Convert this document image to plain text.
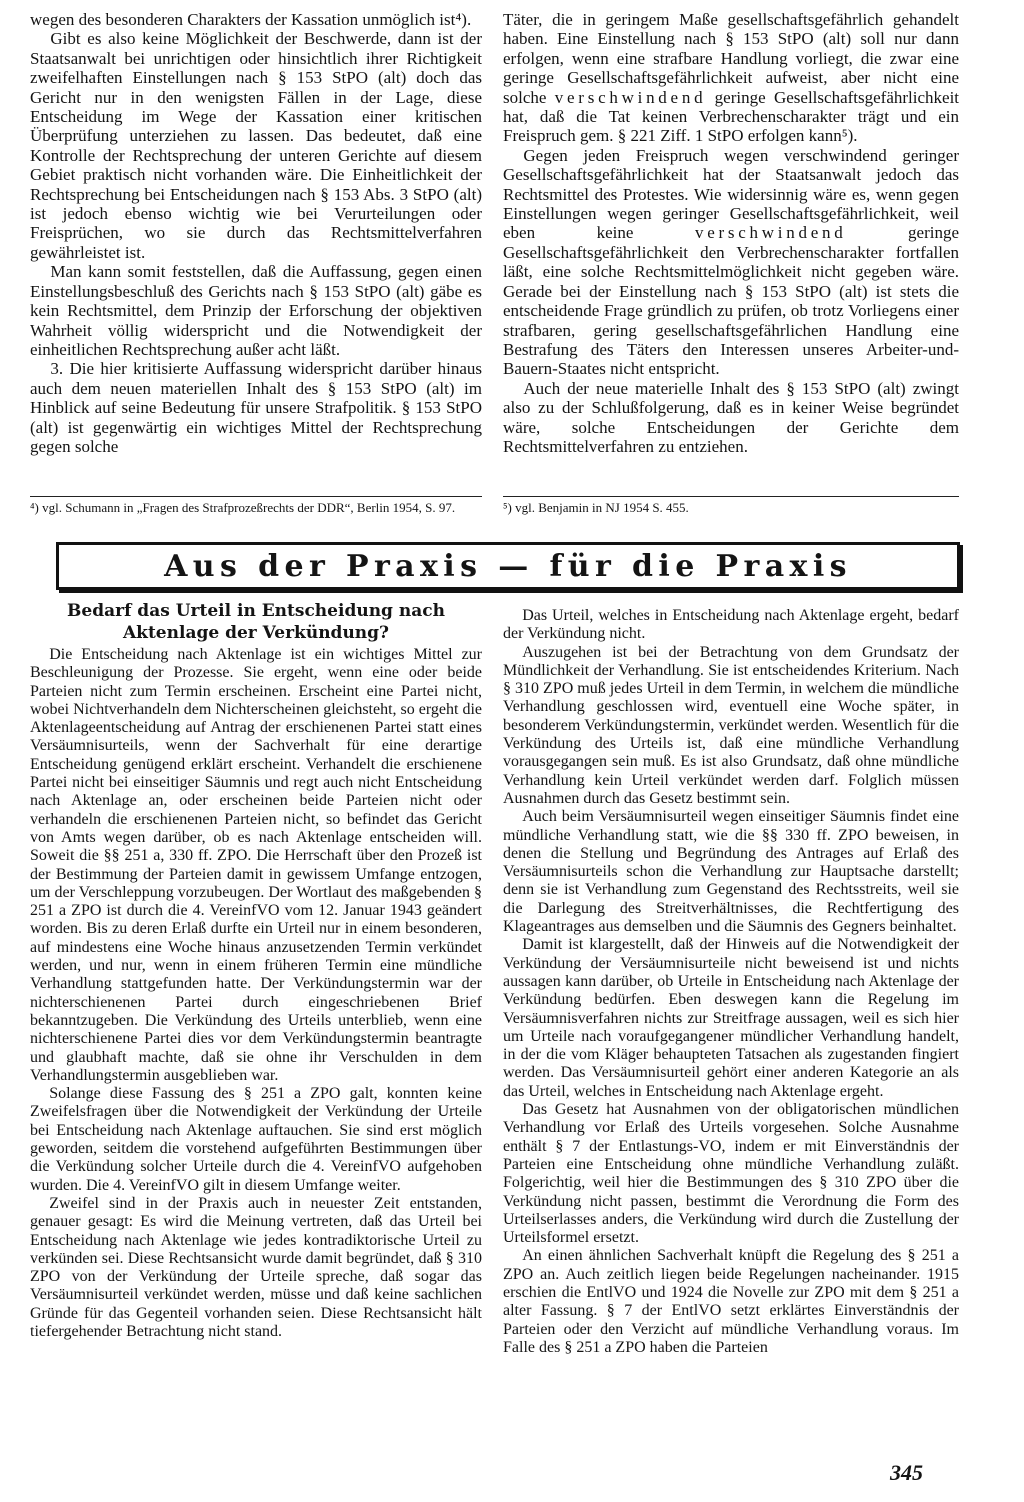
wegen des besonderen Charakters der Kassation unmöglich ist⁴).

Gibt es also keine Möglichkeit der Beschwerde, dann ist der Staatsanwalt bei unrichtigen oder hinsichtlich ihrer Richtigkeit zweifelhaften Einstellungen nach § 153 StPO (alt) doch das Gericht nur in den wenigsten Fällen in der Lage, diese Entscheidung im Wege der Kassation einer kritischen Überprüfung unterziehen zu lassen. Das bedeutet, daß eine Kontrolle der Rechtsprechung der unteren Gerichte auf diesem Gebiet praktisch nicht vorhanden wäre. Die Einheitlichkeit der Rechtsprechung bei Entscheidungen nach § 153 Abs. 3 StPO (alt) ist jedoch ebenso wichtig wie bei Verurteilungen oder Freisprüchen, wo sie durch das Rechtsmittelverfahren gewährleistet ist.

Man kann somit feststellen, daß die Auffassung, gegen einen Einstellungsbeschluß des Gerichts nach § 153 StPO (alt) gäbe es kein Rechtsmittel, dem Prinzip der Erforschung der objektiven Wahrheit völlig widerspricht und die Notwendigkeit der einheitlichen Rechtsprechung außer acht läßt.

3. Die hier kritisierte Auffassung widerspricht darüber hinaus auch dem neuen materiellen Inhalt des § 153 StPO (alt) im Hinblick auf seine Bedeutung für unsere Strafpolitik. § 153 StPO (alt) ist gegenwärtig ein wichtiges Mittel der Rechtsprechung gegen solche

Täter, die in geringem Maße gesellschaftsgefährlich gehandelt haben. Eine Einstellung nach § 153 StPO (alt) soll nur dann erfolgen, wenn eine strafbare Handlung vorliegt, die zwar eine geringe Gesellschaftsgefährlichkeit aufweist, aber nicht eine solche verschwindend geringe Gesellschaftsgefährlichkeit hat, daß die Tat keinen Verbrechenscharakter trägt und ein Freispruch gem. § 221 Ziff. 1 StPO erfolgen kann⁵).

Gegen jeden Freispruch wegen verschwindend geringer Gesellschaftsgefährlichkeit hat der Staatsanwalt jedoch das Rechtsmittel des Protestes. Wie widersinnig wäre es, wenn gegen Einstellungen wegen geringer Gesellschaftsgefährlichkeit, weil eben keine	verschwindend	geringe Gesellschaftsgefährlichkeit den Verbrechenscharakter fortfallen läßt, eine solche Rechtsmittelmöglichkeit nicht gegeben wäre. Gerade bei der Einstellung nach § 153 StPO (alt) ist stets die entscheidende Frage gründlich zu prüfen, ob trotz Vorliegens einer strafbaren, gering gesellschaftsgefährlichen Handlung eine Bestrafung des Täters den Interessen unseres Arbeiter-und-Bauern-Staates nicht entspricht.

Auch der neue materielle Inhalt des § 153 StPO (alt) zwingt also zu der Schlußfolgerung, daß es in keiner Weise begründet wäre, solche Entscheidungen der Gerichte dem Rechtsmittelverfahren zu entziehen.

⁴) vgl. Schumann in „Fragen des Strafprozeßrechts der DDR“, Berlin 1954, S. 97.	⁵) vgl. Benjamin in NJ 1954 S. 455.
Aus der Praxis — für die Praxis
Bedarf das Urteil in Entscheidung nach Aktenlage der Verkündung?

Die Entscheidung nach Aktenlage ist ein wichtiges Mittel zur Beschleunigung der Prozesse. Sie ergeht, wenn eine oder beide Parteien nicht zum Termin erscheinen. Erscheint eine Partei nicht, wobei Nichtverhandeln dem Nichterscheinen gleichsteht, so ergeht die Aktenlageentscheidung auf Antrag der erschienenen Partei statt eines Versäumnisurteils, wenn der Sachverhalt für eine derartige Entscheidung genügend erklärt erscheint. Verhandelt die erschienene Partei nicht bei einseitiger Säumnis und regt auch nicht Entscheidung nach Aktenlage an, oder erscheinen beide Parteien nicht oder verhandeln die erschienenen Parteien nicht, so befindet das Gericht von Amts wegen darüber, ob es nach Aktenlage entscheiden will. Soweit die §§ 251 a, 330 ff. ZPO. Die Herrschaft über den Prozeß ist der Bestimmung der Parteien damit in gewissem Umfange entzogen, um der Verschleppung vorzubeugen. Der Wortlaut des maßgebenden § 251 a ZPO ist durch die 4. VereinfVO vom 12. Januar 1943 geändert worden. Bis zu deren Erlaß durfte ein Urteil nur in einem besonderen, auf mindestens eine Woche hinaus anzusetzenden Termin verkündet werden, und nur, wenn in einem früheren Termin eine mündliche Verhandlung stattgefunden hatte. Der Verkündungstermin war der nichterschienenen Partei durch eingeschriebenen Brief bekanntzugeben. Die Verkündung des Urteils unterblieb, wenn eine nichterschienene Partei dies vor dem Verkündungstermin beantragte und glaubhaft machte, daß sie ohne ihr Verschulden in dem Verhandlungstermin ausgeblieben war.

Solange diese Fassung des § 251 a ZPO galt, konnten keine Zweifelsfragen über die Notwendigkeit der Verkündung der Urteile bei Entscheidung nach Aktenlage auftauchen. Sie sind erst möglich geworden, seitdem die vorstehend aufgeführten Bestimmungen über die Verkündung solcher Urteile durch die 4. VereinfVO aufgehoben wurden. Die 4. VereinfVO gilt in diesem Umfange weiter.

Zweifel sind in der Praxis auch in neuester Zeit entstanden, genauer gesagt: Es wird die Meinung vertreten, daß das Urteil bei Entscheidung nach Aktenlage wie jedes kontradiktorische Urteil zu verkünden sei. Diese Rechtsansicht wurde damit begründet, daß § 310 ZPO von der Verkündung der Urteile spreche, daß sogar das Versäumnisurteil verkündet werden, müsse und daß keine sachlichen Gründe für das Gegenteil vorhanden seien. Diese Rechtsansicht hält tiefergehender Betrachtung nicht stand.

Das Urteil, welches in Entscheidung nach Aktenlage ergeht, bedarf der Verkündung nicht.

Auszugehen ist bei der Betrachtung von dem Grundsatz der Mündlichkeit der Verhandlung. Sie ist entscheidendes Kriterium. Nach § 310 ZPO muß jedes Urteil in dem Termin, in welchem die mündliche Verhandlung geschlossen wird, eventuell eine Woche später, in besonderem Verkündungstermin, verkündet werden. Wesentlich für die Verkündung des Urteils ist, daß eine mündliche Verhandlung vorausgegangen sein muß. Es ist also Grundsatz, daß ohne mündliche Verhandlung kein Urteil verkündet werden darf. Folglich müssen Ausnahmen durch das Gesetz bestimmt sein.

Auch beim Versäumnisurteil wegen einseitiger Säumnis findet eine mündliche Verhandlung statt, wie die §§ 330 ff. ZPO beweisen, in denen die Stellung und Begründung des Antrages auf Erlaß des Versäumnisurteils schon die Verhandlung zur Hauptsache darstellt; denn sie ist Verhandlung zum Gegenstand des Rechtsstreits, weil sie die Darlegung des Streitverhältnisses, die Rechtfertigung des Klageantrages aus demselben und die Säumnis des Gegners beinhaltet.

Damit ist klargestellt, daß der Hinweis auf die Notwendigkeit der Verkündung der Versäumnisurteile nicht beweisend ist und nichts aussagen kann darüber, ob Urteile in Entscheidung nach Aktenlage der Verkündung bedürfen. Eben deswegen kann die Regelung im Versäumnisverfahren nichts zur Streitfrage aussagen, weil es sich hier um Urteile nach voraufgegangener mündlicher Verhandlung handelt, in der die vom Kläger behaupteten Tatsachen als zugestanden fingiert werden. Das Versäumnisurteil gehört einer anderen Kategorie an als das Urteil, welches in Entscheidung nach Aktenlage ergeht.

Das Gesetz hat Ausnahmen von der obligatorischen mündlichen Verhandlung vor Erlaß des Urteils vorgesehen. Solche Ausnahme enthält § 7 der Entlastungs-VO, indem er mit Einverständnis der Parteien eine Entscheidung ohne mündliche Verhandlung zuläßt. Folgerichtig, weil hier die Bestimmungen des § 310 ZPO über die Verkündung nicht passen, bestimmt die Verordnung die Form des Urteilserlasses anders, die Verkündung wird durch die Zustellung der Urteilsformel ersetzt.

An einen ähnlichen Sachverhalt knüpft die Regelung des § 251 a ZPO an. Auch zeitlich liegen beide Regelungen nacheinander. 1915 erschien die EntlVO und 1924 die Novelle zur ZPO mit dem § 251 a alter Fassung. § 7 der EntlVO setzt erklärtes Einverständnis der Parteien oder den Verzicht auf mündliche Verhandlung voraus. Im Falle des § 251 a ZPO haben die Parteien

345
